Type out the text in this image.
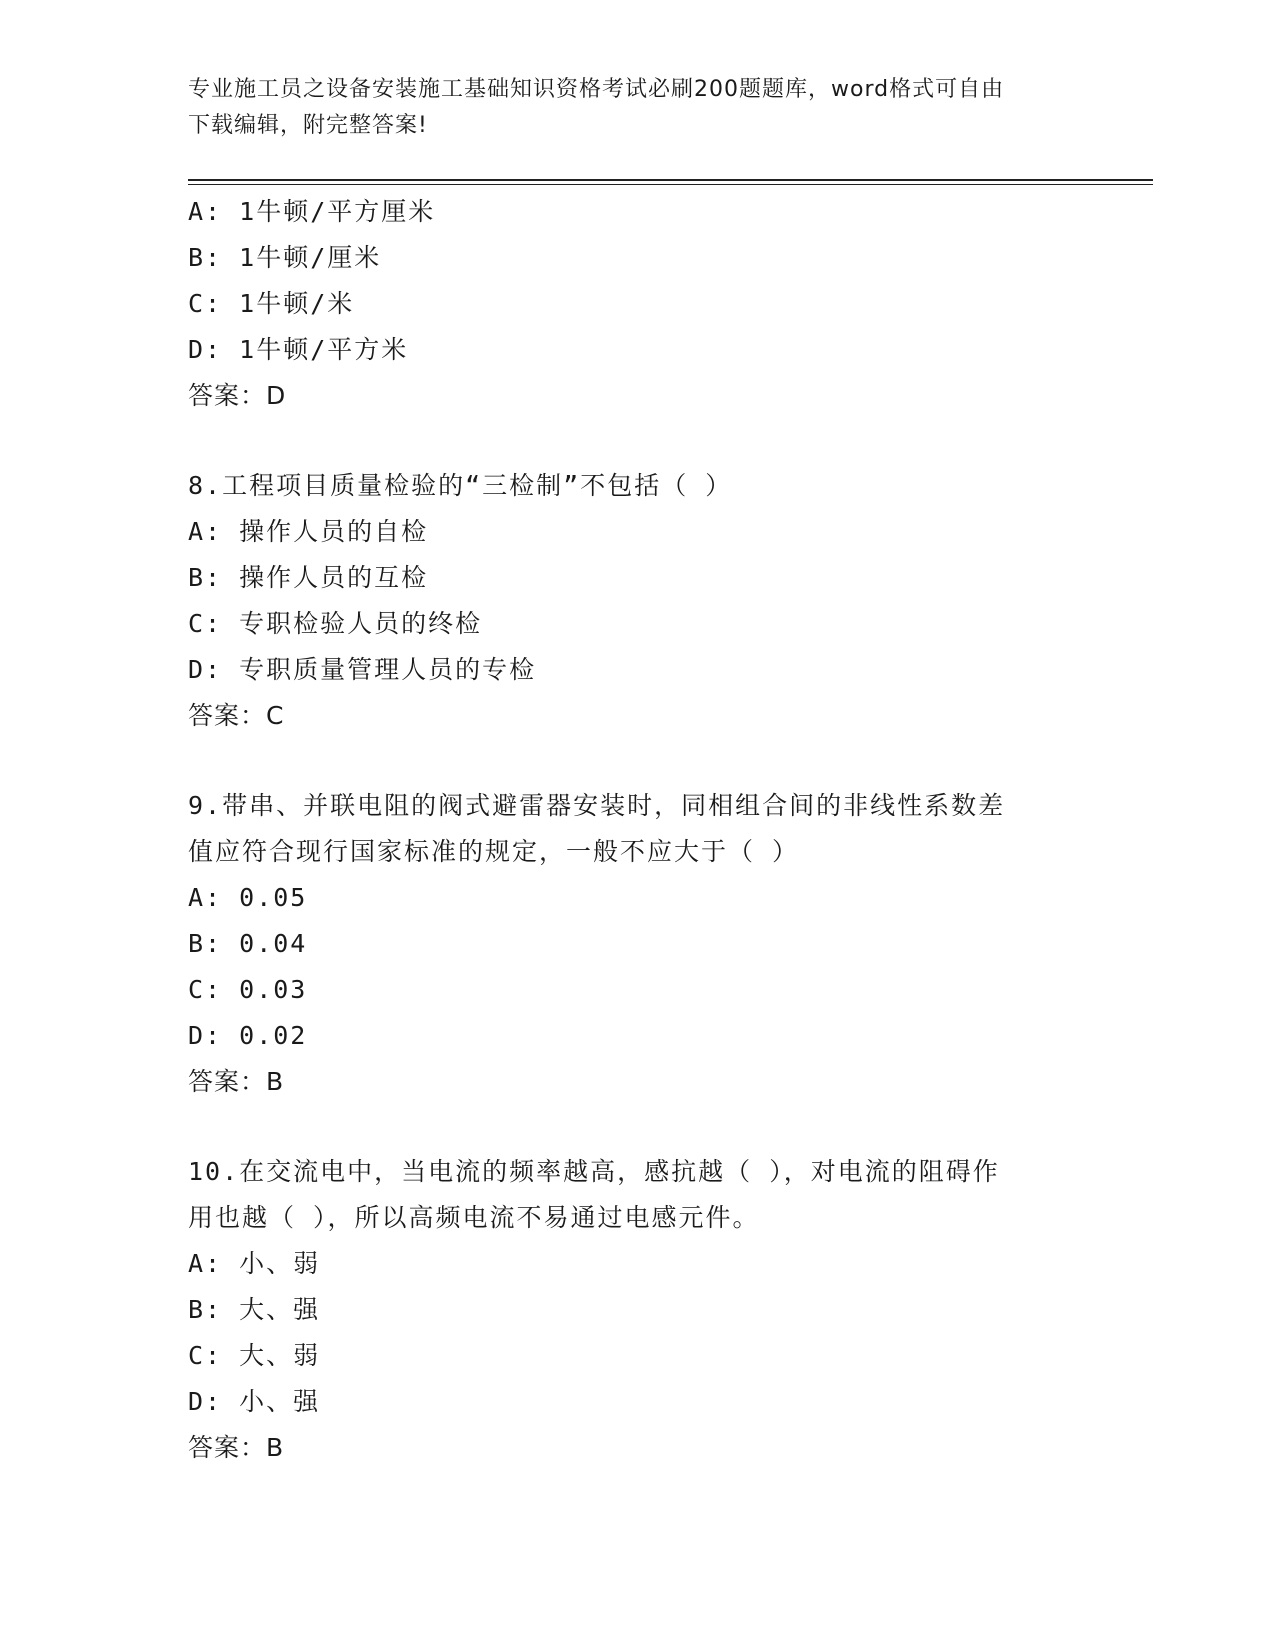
专业施工员之设备安装施工基础知识资格考试必刷200题题库，word格式可自由
下载编辑，附完整答案!
A: 1牛顿/平方厘米
B: 1牛顿/厘米
C: 1牛顿/米
D: 1牛顿/平方米
答案：D
8.工程项目质量检验的“三检制”不包括（ ）
A: 操作人员的自检
B: 操作人员的互检
C: 专职检验人员的终检
D: 专职质量管理人员的专检
答案：C
9.带串、并联电阻的阀式避雷器安装时，同相组合间的非线性系数差
值应符合现行国家标准的规定，一般不应大于（ ）
A: 0.05
B: 0.04
C: 0.03
D: 0.02
答案：B
10.在交流电中，当电流的频率越高，感抗越（ ），对电流的阻碍作
用也越（ ），所以高频电流不易通过电感元件。
A: 小、弱
B: 大、强
C: 大、弱
D: 小、强
答案：B
